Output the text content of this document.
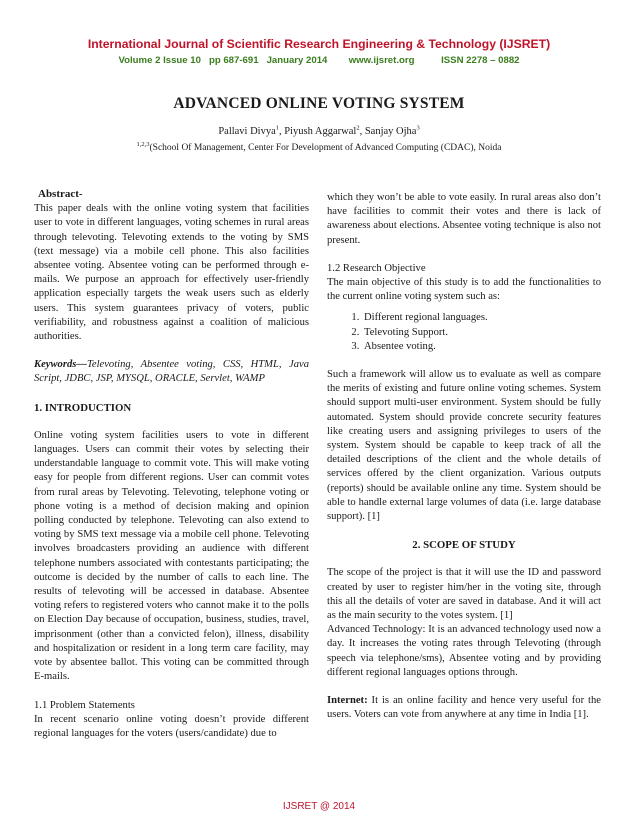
International Journal of Scientific Research Engineering & Technology (IJSRET)
Volume 2 Issue 10 pp 687-691 January 2014 www.ijsret.org	ISSN 2278 – 0882
ADVANCED ONLINE VOTING SYSTEM
Pallavi Divya$^1$, Piyush Aggarwal$^2$, Sanjay Ojha$^3$
$^{1,2,3}$(School Of Management, Center For Development of Advanced Computing (CDAC), Noida
Abstract-

This paper deals with the online voting system that facilities user to vote in different languages, voting schemes in rural areas through televoting. Televoting extends to the voting by SMS (text message) via a mobile cell phone. This also facilities absentee voting. Absentee voting can be performed through e-mails. We purpose an approach for effectively user-friendly application especially targets the weak users such as elderly users. This system guarantees privacy of voters, public verifiability, and robustness against a coalition of malicious authorities.

Keywords—Televoting, Absentee voting, CSS, HTML, Java Script, JDBC, JSP, MYSQL, ORACLE, Servlet, WAMP

1. INTRODUCTION

Online voting system facilities users to vote in different languages. Users can commit their votes by selecting their understandable language to commit vote. This will make voting easy for people from different regions. User can commit votes from rural areas by Televoting. Televoting, telephone voting or phone voting is a method of decision making and opinion polling conducted by telephone. Televoting can also extend to voting by SMS text message via a mobile cell phone. Televoting involves broadcasters providing an audience with different telephone numbers associated with contestants participating; the outcome is decided by the number of calls to each line. The results of televoting will be accessed in database. Absentee voting refers to registered voters who cannot make it to the polls on Election Day because of occupation, business, studies, travel, imprisonment (other than a convicted felon), illness, disability and hospitalization or resident in a long term care facility, may vote by absentee ballot. This voting can be committed through E-mails.

1.1 Problem Statements

In recent scenario online voting doesn’t provide different regional languages for the voters (users/candidate) due to

which they won’t be able to vote easily. In rural areas also don’t have facilities to commit their votes and there is lack of awareness about elections. Absentee voting technique is also not present.

1.2 Research Objective

The main objective of this study is to add the functionalities to the current online voting system such as:

1. Different regional languages.
2. Televoting Support.
3. Absentee voting.

Such a framework will allow us to evaluate as well as compare the merits of existing and future online voting schemes. System should support multi-user environment. System should be fully automated. System should provide concrete security features like creating users and assigning privileges to users of the system. System should be capable to keep track of all the detailed descriptions of the client and the whole details of services offered by the client organization. Various outputs (reports) should be available online any time. System should be able to handle external large volumes of data (i.e. large database support). [1]

2. SCOPE OF STUDY

The scope of the project is that it will use the ID and password created by user to register him/her in the voting site, through this all the details of voter are saved in database. And it will act as the main security to the votes system. [1]

Advanced Technology: It is an advanced technology used now a day. It increases the voting rates through Televoting (through speech via telephone/sms), Absentee voting and by providing different regional languages options through.

Internet: It is an online facility and hence very useful for the users. Voters can vote from anywhere at any time in India [1].

IJSRET @ 2014
